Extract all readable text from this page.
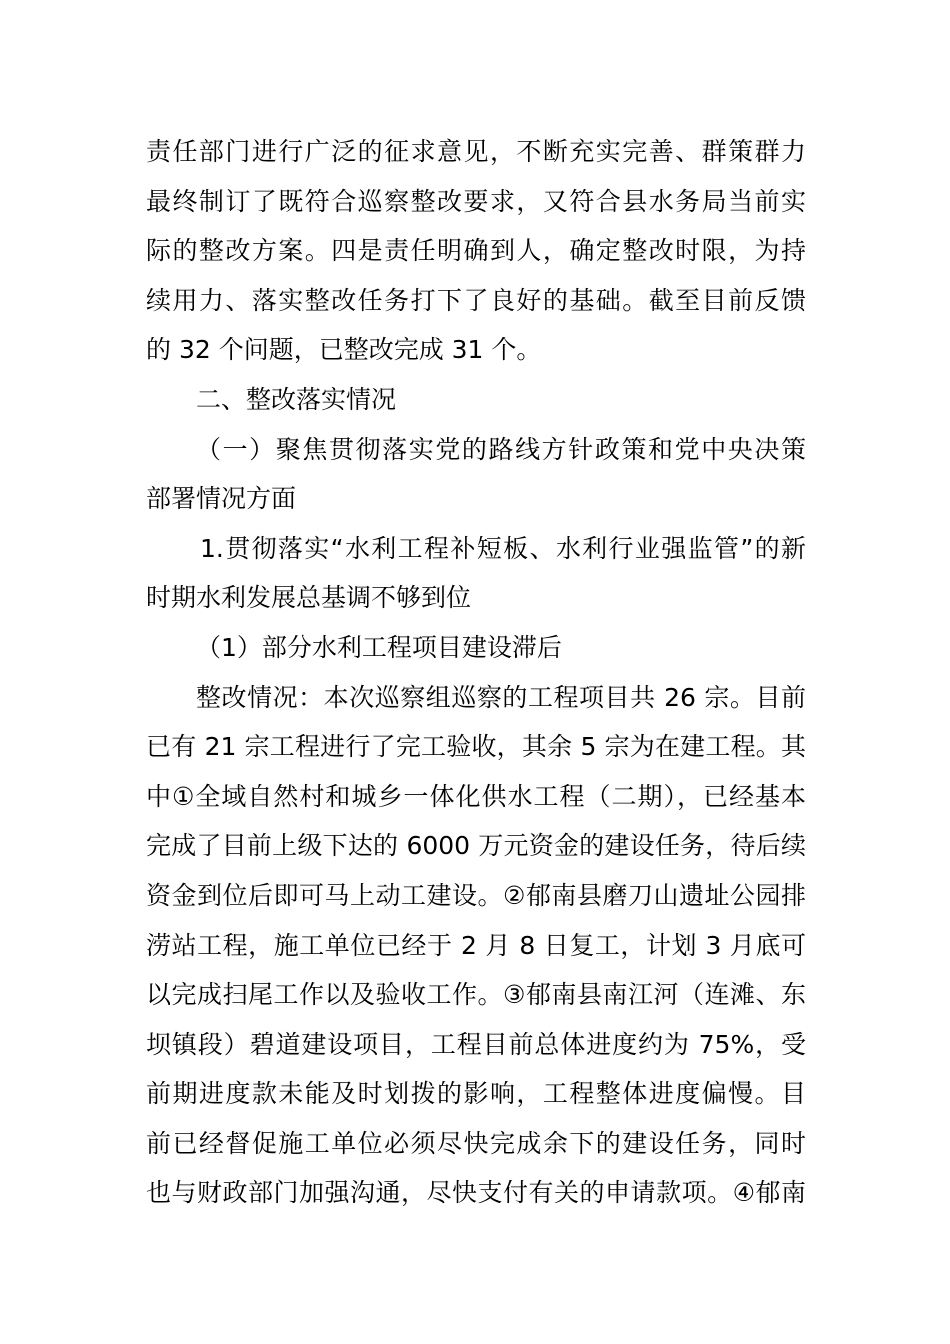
责任部门进行广泛的征求意见，不断充实完善、群策群力
最终制订了既符合巡察整改要求，又符合县水务局当前实
际的整改方案。四是责任明确到人，确定整改时限，为持
续用力、落实整改任务打下了良好的基础。截至目前反馈
的 32 个问题，已整改完成 31 个。
二、整改落实情况
（一）聚焦贯彻落实党的路线方针政策和党中央决策
部署情况方面
1.贯彻落实“水利工程补短板、水利行业强监管”的新
时期水利发展总基调不够到位
（1）部分水利工程项目建设滞后
整改情况：本次巡察组巡察的工程项目共 26 宗。目前
已有 21 宗工程进行了完工验收，其余 5 宗为在建工程。其
中①全域自然村和城乡一体化供水工程（二期），已经基本
完成了目前上级下达的 6000 万元资金的建设任务，待后续
资金到位后即可马上动工建设。②郁南县磨刀山遗址公园排
涝站工程，施工单位已经于 2 月 8 日复工，计划 3 月底可
以完成扫尾工作以及验收工作。③郁南县南江河（连滩、东
坝镇段）碧道建设项目，工程目前总体进度约为 75%，受
前期进度款未能及时划拨的影响，工程整体进度偏慢。目
前已经督促施工单位必须尽快完成余下的建设任务，同时
也与财政部门加强沟通，尽快支付有关的申请款项。④郁南
